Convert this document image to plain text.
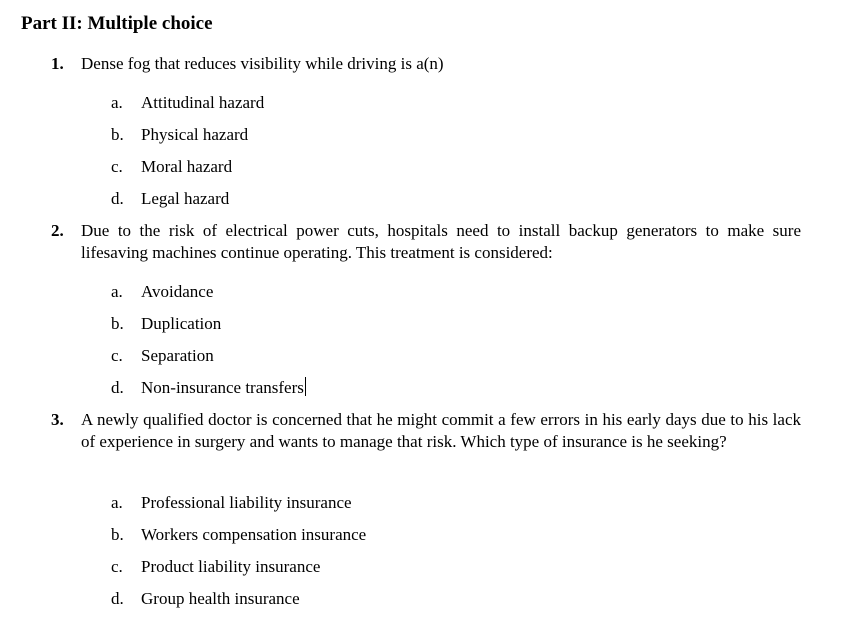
Part II: Multiple choice
1. Dense fog that reduces visibility while driving is a(n)
a. Attitudinal hazard
b. Physical hazard
c. Moral hazard
d. Legal hazard
2. Due to the risk of electrical power cuts, hospitals need to install backup generators to make sure lifesaving machines continue operating. This treatment is considered:
a. Avoidance
b. Duplication
c. Separation
d. Non-insurance transfers
3. A newly qualified doctor is concerned that he might commit a few errors in his early days due to his lack of experience in surgery and wants to manage that risk. Which type of insurance is he seeking?
a. Professional liability insurance
b. Workers compensation insurance
c. Product liability insurance
d. Group health insurance
